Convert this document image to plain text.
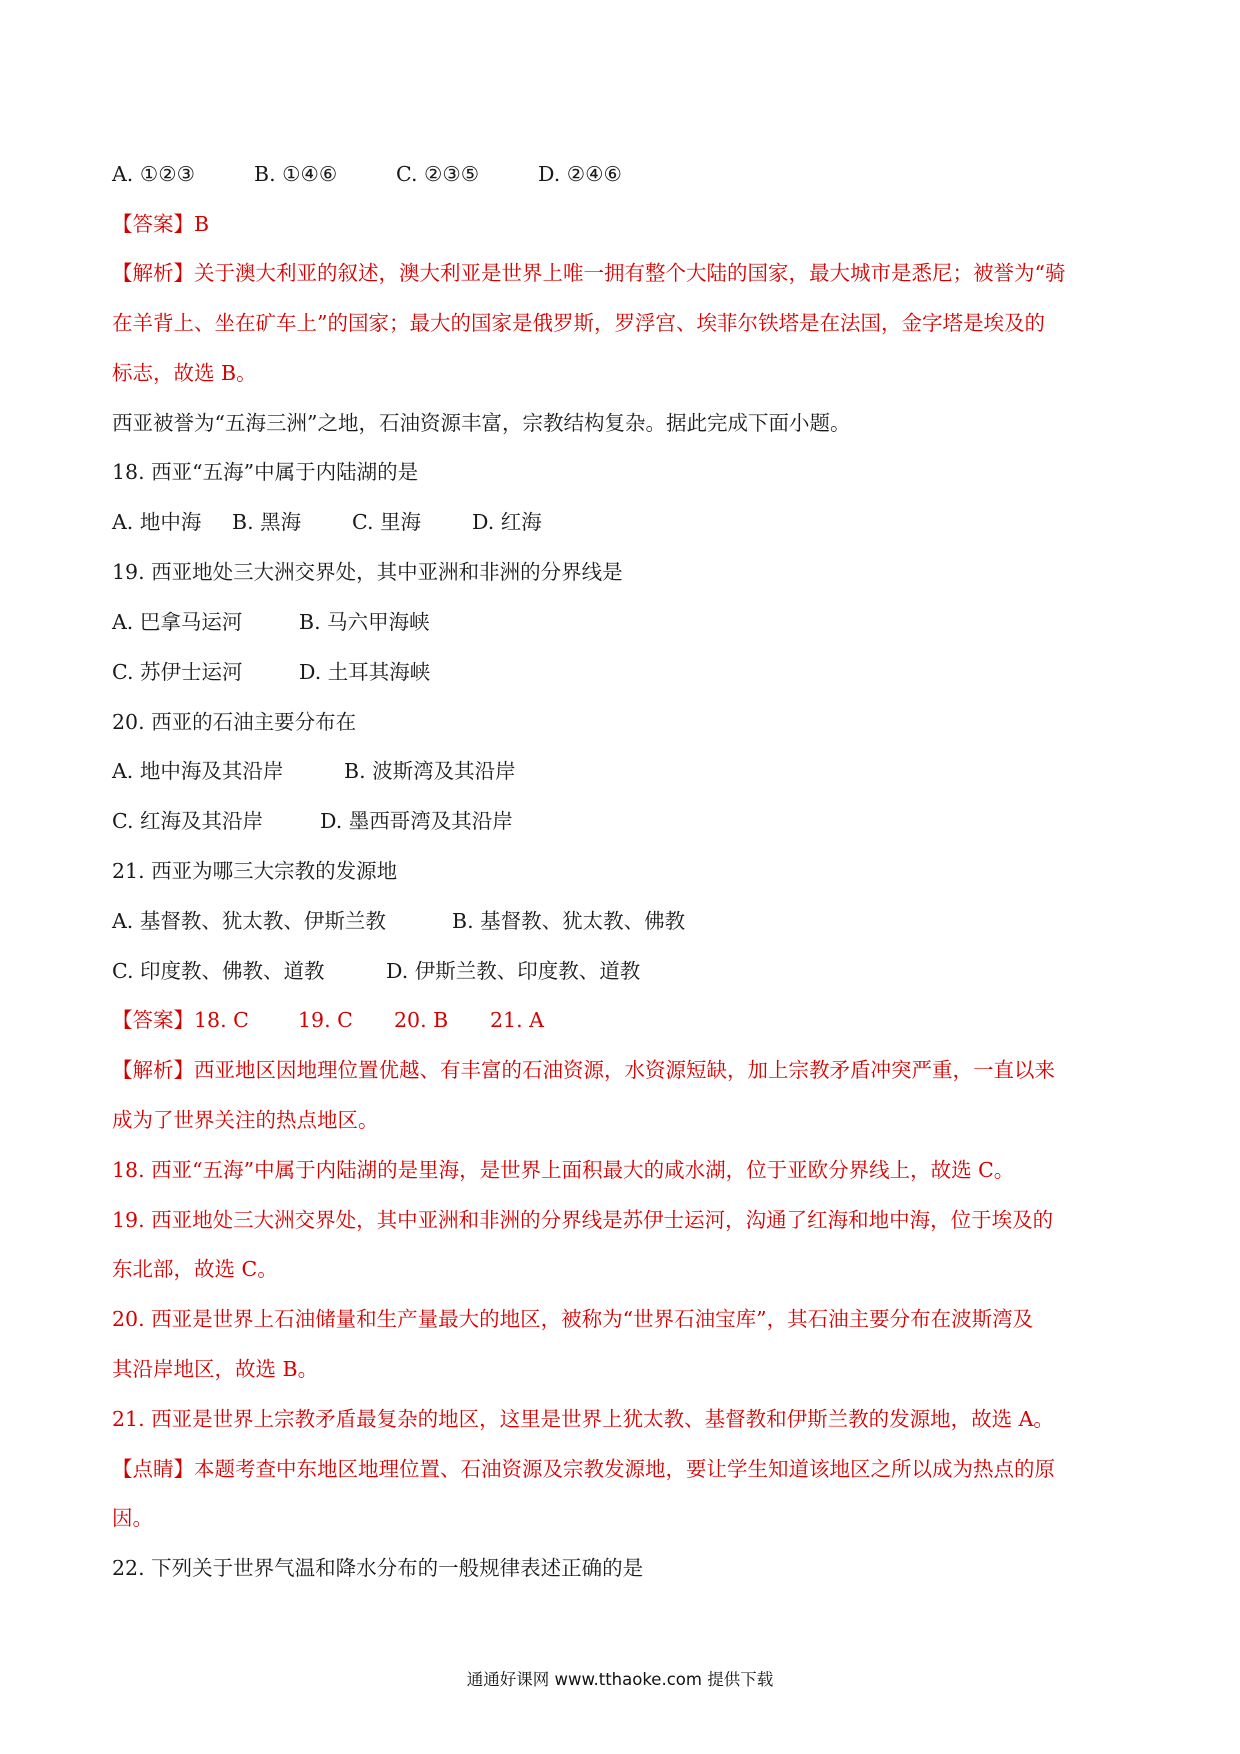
A. ①②③	B. ①④⑥	C. ②③⑤	D. ②④⑥
【答案】B
【解析】关于澳大利亚的叙述，澳大利亚是世界上唯一拥有整个大陆的国家，最大城市是悉尼；被誉为“骑
在羊背上、坐在矿车上”的国家；最大的国家是俄罗斯，罗浮宫、埃菲尔铁塔是在法国，金字塔是埃及的
标志，故选 B。
西亚被誉为“五海三洲”之地，石油资源丰富，宗教结构复杂。据此完成下面小题。
18. 西亚“五海”中属于内陆湖的是
A. 地中海 B. 黑海 C. 里海 D. 红海
19. 西亚地处三大洲交界处，其中亚洲和非洲的分界线是
A. 巴拿马运河	B. 马六甲海峡
C. 苏伊士运河	D. 土耳其海峡
20. 西亚的石油主要分布在
A. 地中海及其沿岸	B. 波斯湾及其沿岸
C. 红海及其沿岸	D. 墨西哥湾及其沿岸
21. 西亚为哪三大宗教的发源地
A. 基督教、犹太教、伊斯兰教	B. 基督教、犹太教、佛教
C. 印度教、佛教、道教	D. 伊斯兰教、印度教、道教
【答案】18. C 19. C 20. B 21. A
【解析】西亚地区因地理位置优越、有丰富的石油资源，水资源短缺，加上宗教矛盾冲突严重，一直以来
成为了世界关注的热点地区。
18. 西亚“五海”中属于内陆湖的是里海，是世界上面积最大的咸水湖，位于亚欧分界线上，故选 C。
19. 西亚地处三大洲交界处，其中亚洲和非洲的分界线是苏伊士运河，沟通了红海和地中海，位于埃及的
东北部，故选 C。
20. 西亚是世界上石油储量和生产量最大的地区，被称为“世界石油宝库”，其石油主要分布在波斯湾及
其沿岸地区，故选 B。
21. 西亚是世界上宗教矛盾最复杂的地区，这里是世界上犹太教、基督教和伊斯兰教的发源地，故选 A。
【点睛】本题考查中东地区地理位置、石油资源及宗教发源地，要让学生知道该地区之所以成为热点的原
因。
22. 下列关于世界气温和降水分布的一般规律表述正确的是
通通好课网 www.tthaoke.com 提供下载
